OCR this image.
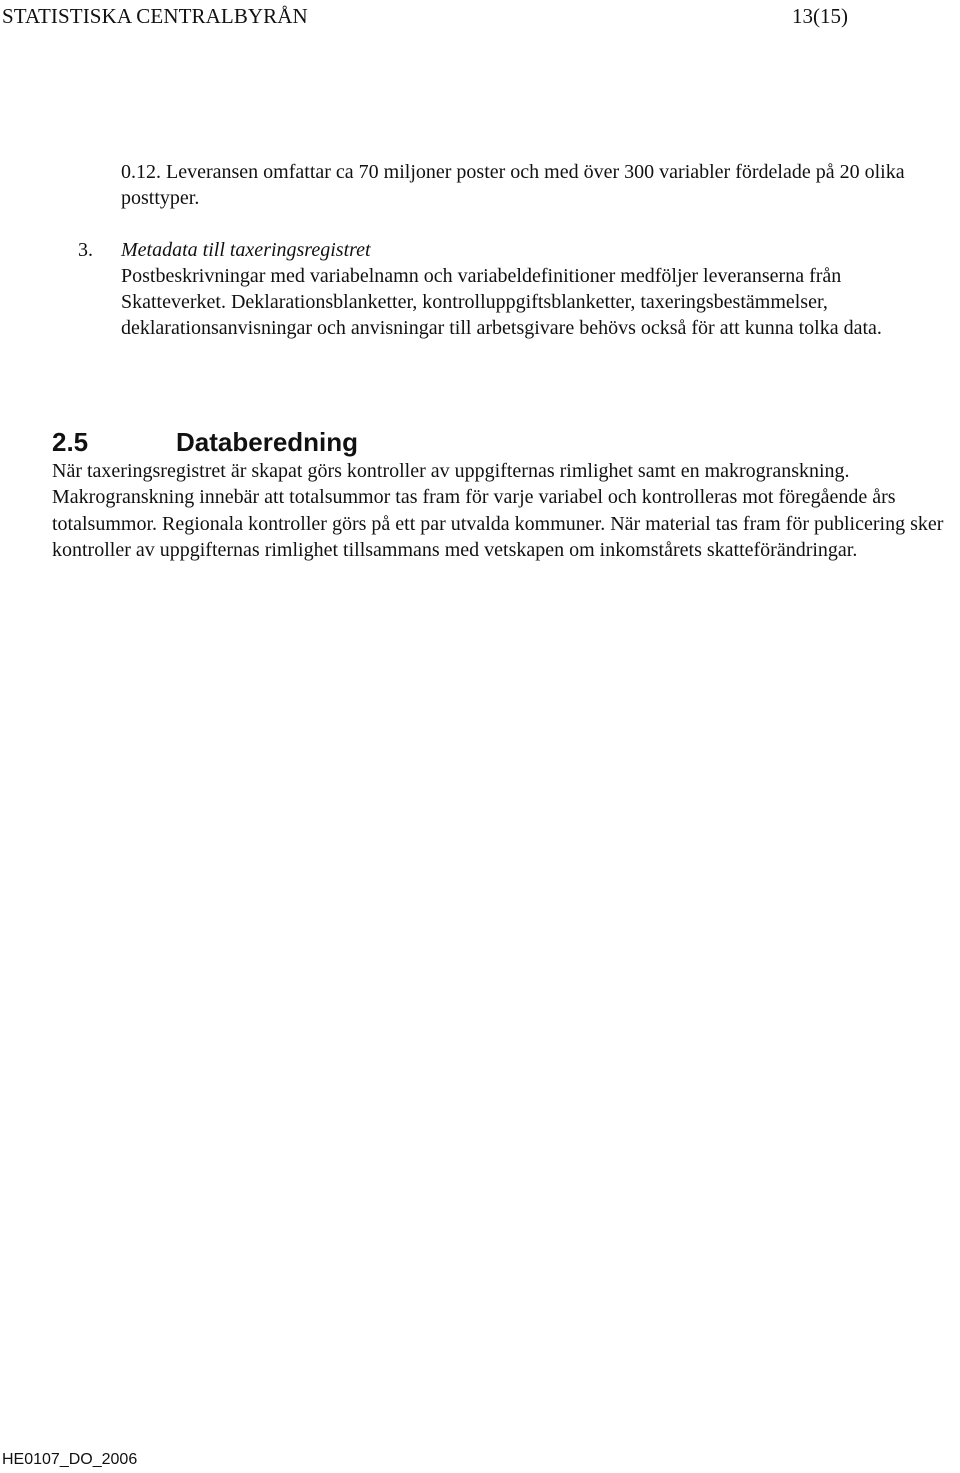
STATISTISKA CENTRALBYRÅN	13(15)

0.12. Leveransen omfattar ca 70 miljoner poster och med över 300 variabler fördelade på 20 olika posttyper.

3. Metadata till taxeringsregistret

Postbeskrivningar med variabelnamn och variabeldefinitioner medföljer leveranserna från Skatteverket. Deklarationsblanketter, kontrolluppgiftsblanketter, taxeringsbestämmelser, deklarationsanvisningar och anvisningar till arbetsgivare behövs också för att kunna tolka data.

2.5	Databeredning

När taxeringsregistret är skapat görs kontroller av uppgifternas rimlighet samt en makrogranskning. Makrogranskning innebär att totalsummor tas fram för varje variabel och kontrolleras mot föregående års totalsummor. Regionala kontroller görs på ett par utvalda kommuner. När material tas fram för publicering sker kontroller av uppgifternas rimlighet tillsammans med vetskapen om inkomstårets skatteförändringar.

HE0107_DO_2006
